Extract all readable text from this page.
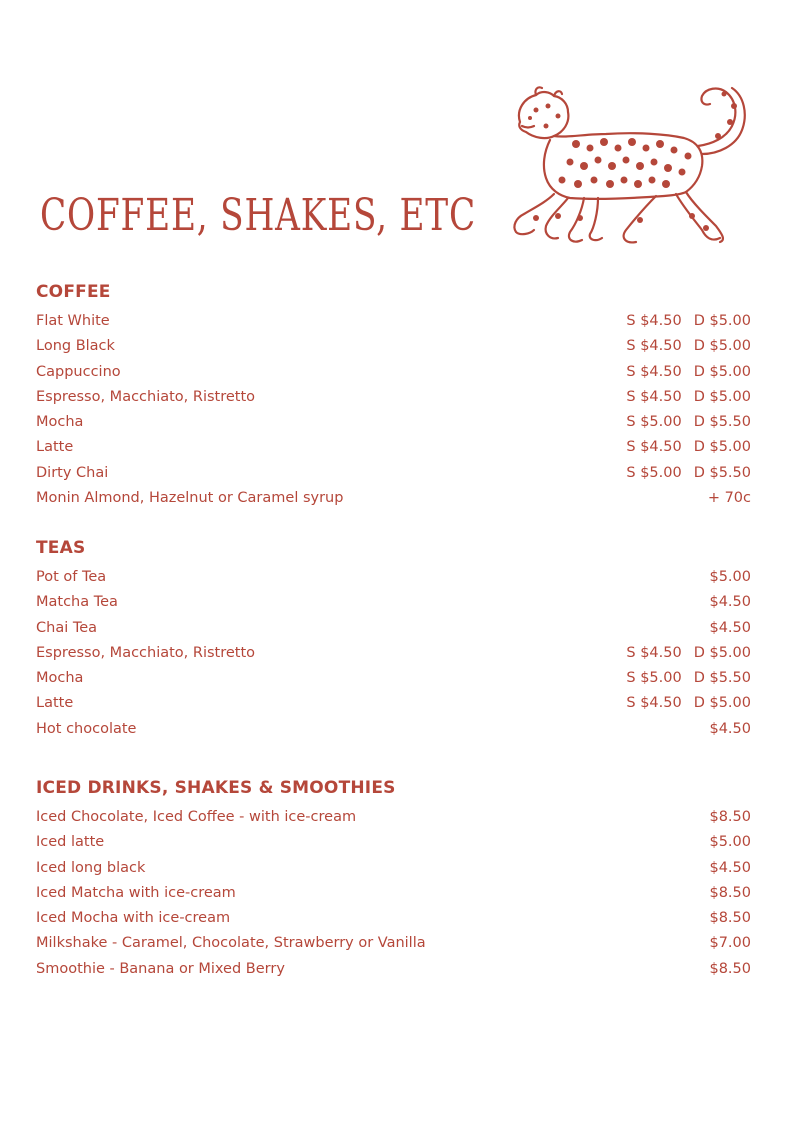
COFFEE, SHAKES, ETC
COFFEE
Flat White	S $4.50 D $5.00
Long Black	S $4.50 D $5.00
Cappuccino	S $4.50 D $5.00
Espresso, Macchiato, Ristretto	S $4.50 D $5.00
Mocha	S $5.00 D $5.50
Latte	S $4.50 D $5.00
Dirty Chai	S $5.00 D $5.50
Monin Almond, Hazelnut or Caramel syrup	+ 70c
TEAS
Pot of Tea	$5.00
Matcha Tea	$4.50
Chai Tea	$4.50
Espresso, Macchiato, Ristretto	S $4.50 D $5.00
Mocha	S $5.00 D $5.50
Latte	S $4.50 D $5.00
Hot chocolate	$4.50
ICED DRINKS, SHAKES & SMOOTHIES
Iced Chocolate, Iced Coffee - with ice-cream	$8.50
Iced latte	$5.00
Iced long black	$4.50
Iced Matcha with ice-cream	$8.50
Iced Mocha with ice-cream	$8.50
Milkshake - Caramel, Chocolate, Strawberry or Vanilla	$7.00
Smoothie - Banana or Mixed Berry	$8.50
